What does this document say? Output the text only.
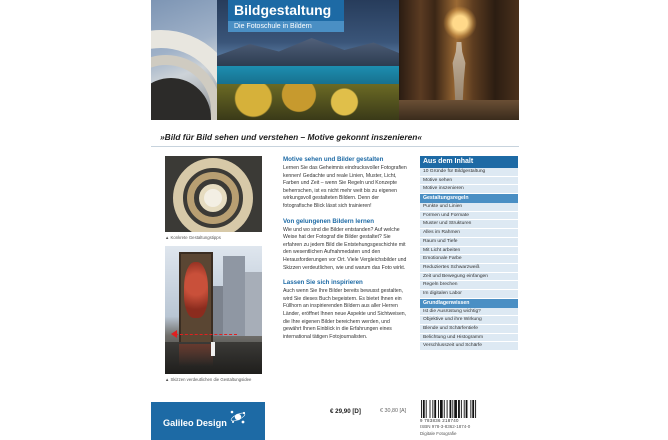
Bildgestaltung
Die Fotoschule in Bildern
»Bild für Bild sehen und verstehen – Motive gekonnt inszenieren«
▲ Konkrete Gestaltungstipps
▲ Skizzen verdeutlichen die Gestaltungsidee
Motive sehen und Bilder gestalten

Lernen Sie das Geheimnis eindrucksvoller Fotografien kennen! Gedachte und reale Linien, Muster, Licht, Farben und Zeit – wenn Sie Regeln und Konzepte beherrschen, ist es nicht mehr weit bis zu eigenen wirkungsvoll gestalteten Bildern. Denn der fotografische Blick lässt sich trainieren!

Von gelungenen Bildern lernen

Wie und wo sind die Bilder entstanden? Auf welche Weise hat der Fotograf die Bilder gestaltet? Sie erfahren zu jedem Bild die Entstehungsgeschichte mit den wesentlichen Aufnahmedaten und den Herausforderungen vor Ort. Viele Vergleichsbilder und Skizzen verdeutlichen, wie und warum das Foto wirkt.

Lassen Sie sich inspirieren

Auch wenn Sie Ihre Bilder bereits bewusst gestalten, wird Sie dieses Buch begeistern. Es bietet Ihnen ein Füllhorn an inspirierenden Bildern aus aller Herren Länder, eröffnet Ihnen neue Aspekte und Sichtweisen, die Ihre eigenen Bilder bereichern werden, und gewährt Ihnen Einblick in die Erfahrungen eines international tätigen Fotojournalisten.

Aus dem Inhalt
10 Gründe für Bildgestaltung
Motive sehen
Motive inszenieren
Gestaltungsregeln
Punkte und Linien
Formen und Formate
Muster und Strukturen
Alles im Rahmen
Raum und Tiefe
Mit Licht arbeiten
Emotionale Farbe
Reduziertes Schwarzweiß
Zeit und Bewegung einfangen
Regeln brechen
Im digitalen Labor
Grundlagenwissen
Ist die Ausrüstung wichtig?
Objektive und ihre Wirkung
Blende und Schärfentiefe
Belichtung und Histogramm
Verschlusszeit und Schärfe
Galileo Design
€ 29,90 [D]	€ 30,80 [A]
9 783836 218740
ISBN 978-3-8362-1874-0
Digitale Fotografie
